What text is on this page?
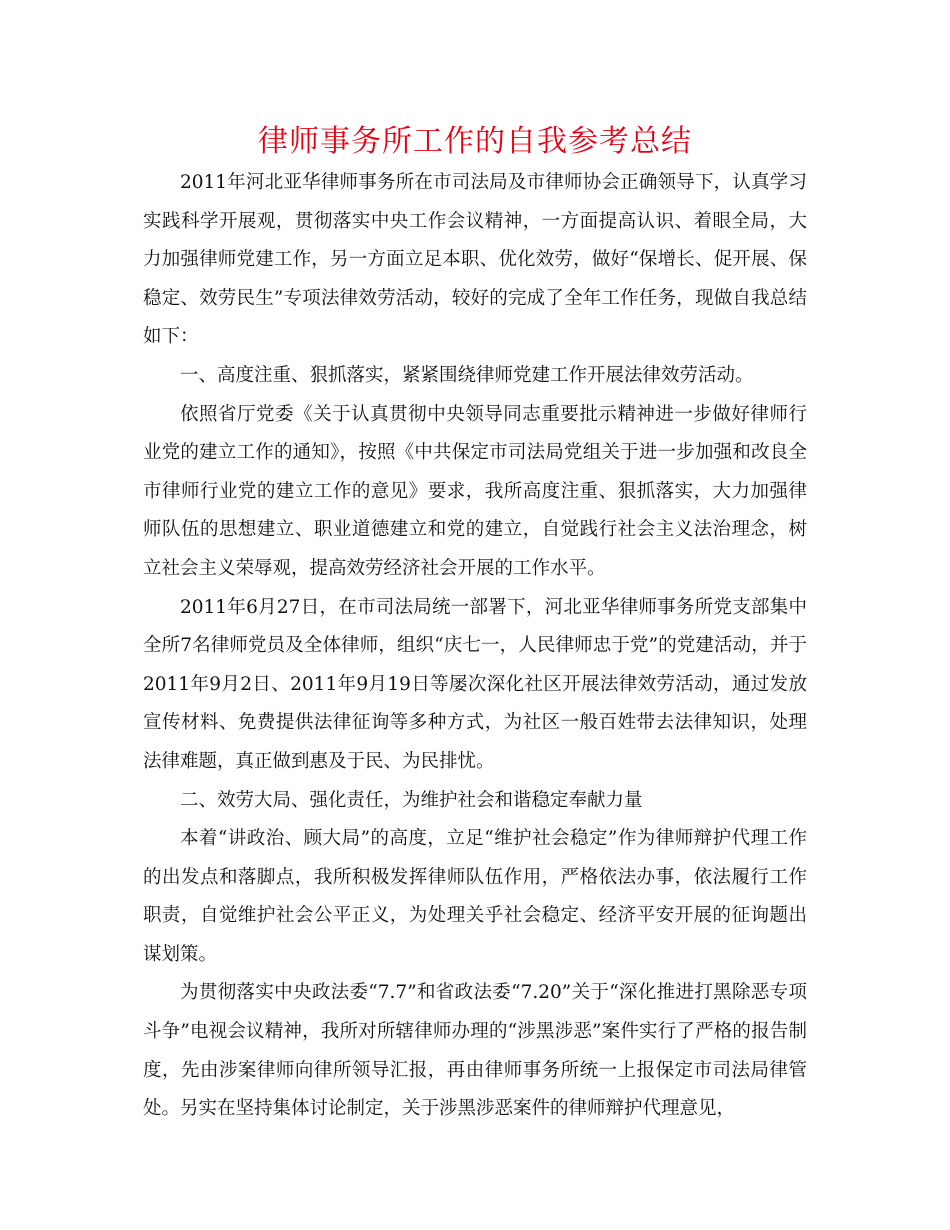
律师事务所工作的自我参考总结

2011年河北亚华律师事务所在市司法局及市律师协会正确领导下，认真学习实践科学开展观，贯彻落实中央工作会议精神，一方面提高认识、着眼全局，大力加强律师党建工作，另一方面立足本职、优化效劳，做好“保增长、促开展、保稳定、效劳民生”专项法律效劳活动，较好的完成了全年工作任务，现做自我总结如下：

一、高度注重、狠抓落实，紧紧围绕律师党建工作开展法律效劳活动。

依照省厅党委《关于认真贯彻中央领导同志重要批示精神进一步做好律师行业党的建立工作的通知》，按照《中共保定市司法局党组关于进一步加强和改良全市律师行业党的建立工作的意见》要求，我所高度注重、狠抓落实，大力加强律师队伍的思想建立、职业道德建立和党的建立，自觉践行社会主义法治理念，树立社会主义荣辱观，提高效劳经济社会开展的工作水平。

2011年6月27日，在市司法局统一部署下，河北亚华律师事务所党支部集中全所7名律师党员及全体律师，组织“庆七一，人民律师忠于党”的党建活动，并于2011年9月2日、2011年9月19日等屡次深化社区开展法律效劳活动，通过发放宣传材料、免费提供法律征询等多种方式，为社区一般百姓带去法律知识，处理法律难题，真正做到惠及于民、为民排忧。

二、效劳大局、强化责任，为维护社会和谐稳定奉献力量

本着“讲政治、顾大局”的高度，立足“维护社会稳定”作为律师辩护代理工作的出发点和落脚点，我所积极发挥律师队伍作用，严格依法办事，依法履行工作职责，自觉维护社会公平正义，为处理关乎社会稳定、经济平安开展的征询题出谋划策。

为贯彻落实中央政法委“7.7”和省政法委“7.20”关于“深化推进打黑除恶专项斗争”电视会议精神，我所对所辖律师办理的“涉黑涉恶”案件实行了严格的报告制度，先由涉案律师向律所领导汇报，再由律师事务所统一上报保定市司法局律管处。另实在坚持集体讨论制定，关于涉黑涉恶案件的律师辩护代理意见，
